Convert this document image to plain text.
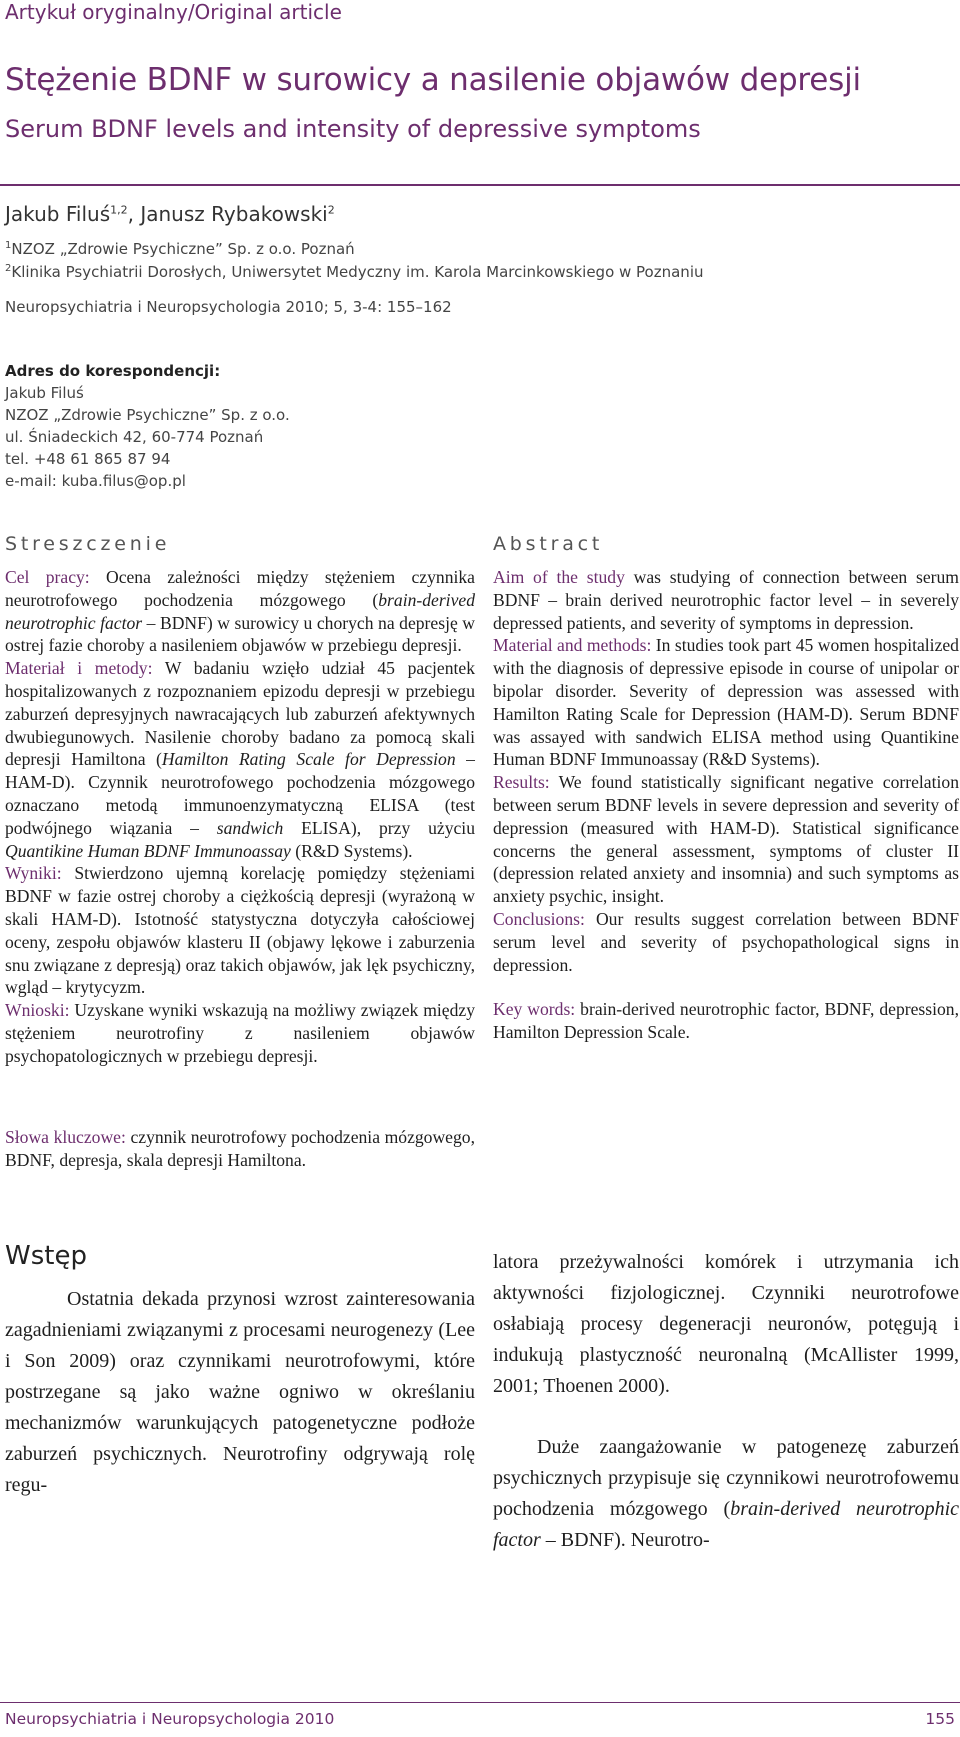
Artykuł oryginalny/Original article
Stężenie BDNF w surowicy a nasilenie objawów depresji
Serum BDNF levels and intensity of depressive symptoms
Jakub Filuś$^{1,2}$, Janusz Rybakowski$^2$
$^1$NZOZ „Zdrowie Psychiczne” Sp. z o.o. Poznań
$^2$Klinika Psychiatrii Dorosłych, Uniwersytet Medyczny im. Karola Marcinkowskiego w Poznaniu
Neuropsychiatria i Neuropsychologia 2010; 5, 3-4: 155–162
Adres do korespondencji:
Jakub Filuś
NZOZ „Zdrowie Psychiczne” Sp. z o.o.
ul. Śniadeckich 42, 60-774 Poznań
tel. +48 61 865 87 94
e-mail: kuba.filus@op.pl
Streszczenie	Abstract

Cel pracy: Ocena zależności między stężeniem czynnika neurotrofowego pochodzenia mózgowego (brain-derived neurotrophic factor – BDNF) w surowicy u chorych na depresję w ostrej fazie choroby a nasileniem objawów w przebiegu depresji.

Materiał i metody: W badaniu wzięło udział 45 pacjentek hospitalizowanych z rozpoznaniem epizodu depresji w przebiegu zaburzeń depresyjnych nawracających lub zaburzeń afektywnych dwubiegunowych. Nasilenie choroby badano za pomocą skali depresji Hamiltona (Hamilton Rating Scale for Depression – HAM-D). Czynnik neurotrofowego pochodzenia mózgowego oznaczano metodą immunoenzymatyczną ELISA (test podwójnego wiązania – sandwich ELISA), przy użyciu Quantikine Human BDNF Immunoassay (R&D Systems).

Wyniki: Stwierdzono ujemną korelację pomiędzy stężeniami BDNF w fazie ostrej choroby a ciężkością depresji (wyrażoną w skali HAM-D). Istotność statystyczna dotyczyła całościowej oceny, zespołu objawów klasteru II (objawy lękowe i zaburzenia snu związane z depresją) oraz takich objawów, jak lęk psychiczny, wgląd – krytycyzm.

Wnioski: Uzyskane wyniki wskazują na możliwy związek między stężeniem neurotrofiny z nasileniem objawów psychopatologicznych w przebiegu depresji.

Słowa kluczowe: czynnik neurotrofowy pochodzenia mózgowego, BDNF, depresja, skala depresji Hamiltona.

Aim of the study was studying of connection between serum BDNF – brain derived neurotrophic factor level – in severely depressed patients, and severity of symptoms in depression.

Material and methods: In studies took part 45 women hospitalized with the diagnosis of depressive episode in course of unipolar or bipolar disorder. Severity of depression was assessed with Hamilton Rating Scale for Depression (HAM-D). Serum BDNF was assayed with sandwich ELISA method using Quantikine Human BDNF Immunoassay (R&D Systems).

Results: We found statistically significant negative correlation between serum BDNF levels in severe depression and severity of depression (measured with HAM-D). Statistical significance concerns the general assessment, symptoms of cluster II (depression related anxiety and insomnia) and such symptoms as anxiety psychic, insight.

Conclusions: Our results suggest correlation between BDNF serum level and severity of psychopathological signs in depression.

Key words: brain-derived neurotrophic factor, BDNF, depression, Hamilton Depression Scale.

Wstęp
Ostatnia dekada przynosi wzrost zainteresowania zagadnieniami związanymi z procesami neurogenezy (Lee i Son 2009) oraz czynnikami neurotrofowymi, które postrzegane są jako ważne ogniwo w określaniu mechanizmów warunkujących patogenetyczne podłoże zaburzeń psychicznych. Neurotrofiny odgrywają rolę regu-
latora przeżywalności komórek i utrzymania ich aktywności fizjologicznej. Czynniki neurotrofowe osłabiają procesy degeneracji neuronów, potęgują i indukują plastyczność neuronalną (McAllister 1999, 2001; Thoenen 2000).
Duże zaangażowanie w patogenezę zaburzeń psychicznych przypisuje się czynnikowi neurotrofowemu pochodzenia mózgowego (brain-derived neurotrophic factor – BDNF). Neurotro-
Neuropsychiatria i Neuropsychologia 2010	155
